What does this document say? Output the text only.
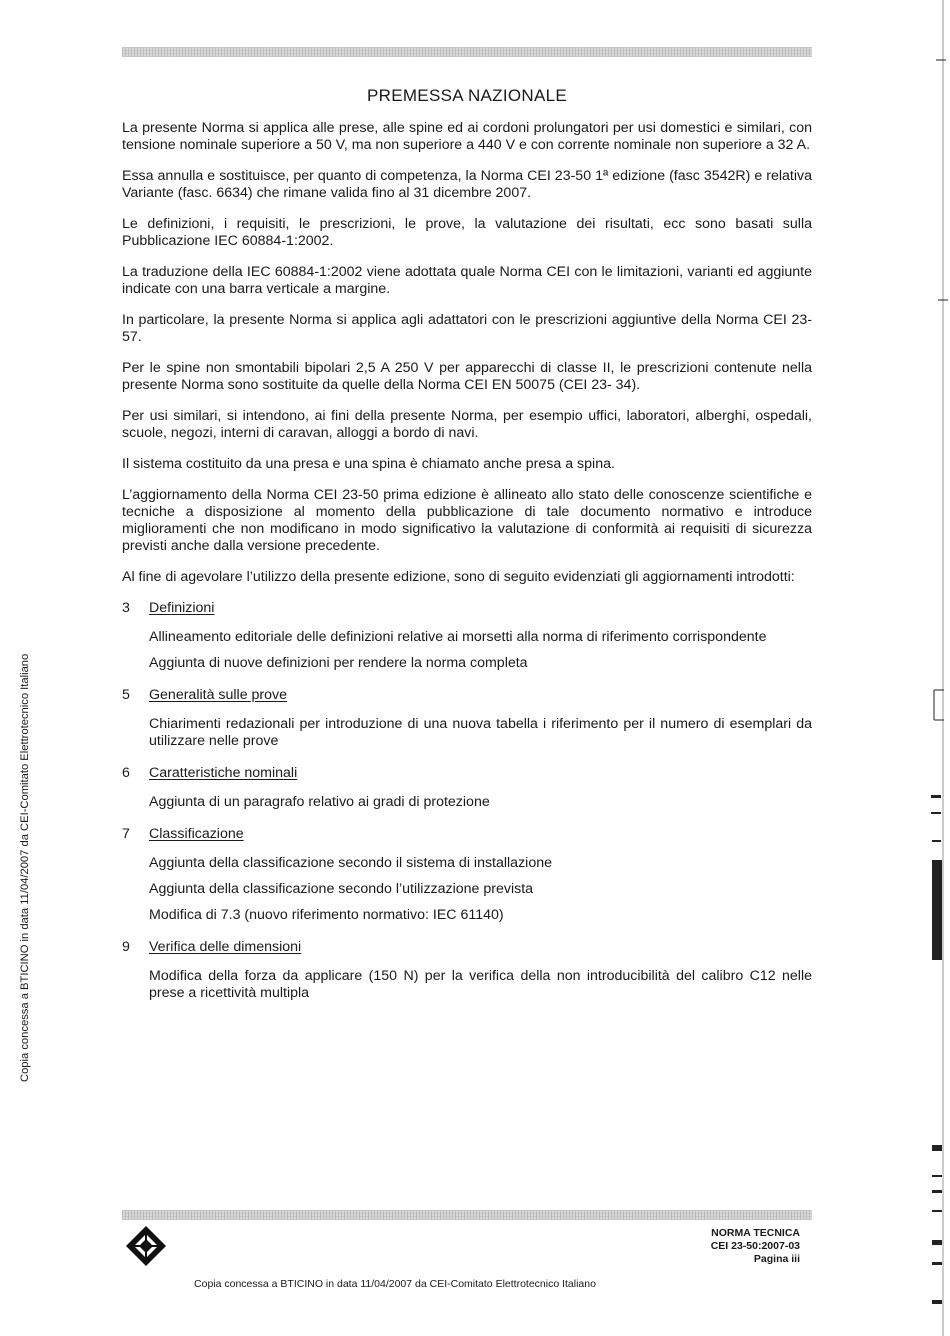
PREMESSA NAZIONALE

La presente Norma si applica alle prese, alle spine ed ai cordoni prolungatori per usi domestici e similari, con tensione nominale superiore a 50 V, ma non superiore a 440 V e con corrente nominale non superiore a 32 A.

Essa annulla e sostituisce, per quanto di competenza, la Norma CEI 23-50 1ª edizione (fasc 3542R) e relativa Variante (fasc. 6634) che rimane valida fino al 31 dicembre 2007.

Le definizioni, i requisiti, le prescrizioni, le prove, la valutazione dei risultati, ecc sono basati sulla Pubblicazione IEC 60884-1:2002.

La traduzione della IEC 60884-1:2002 viene adottata quale Norma CEI con le limitazioni, varianti ed aggiunte indicate con una barra verticale a margine.

In particolare, la presente Norma si applica agli adattatori con le prescrizioni aggiuntive della Norma CEI 23-57.

Per le spine non smontabili bipolari 2,5 A 250 V per apparecchi di classe II, le prescrizioni contenute nella presente Norma sono sostituite da quelle della Norma CEI EN 50075 (CEI 23- 34).

Per usi similari, si intendono, ai fini della presente Norma, per esempio uffici, laboratori, alberghi, ospedali, scuole, negozi, interni di caravan, alloggi a bordo di navi.

Il sistema costituito da una presa e una spina è chiamato anche presa a spina.

L’aggiornamento della Norma CEI 23-50 prima edizione è allineato allo stato delle conoscenze scientifiche e tecniche a disposizione al momento della pubblicazione di tale documento normativo e introduce miglioramenti che non modificano in modo significativo la valutazione di conformità ai requisiti di sicurezza previsti anche dalla versione precedente.

Al fine di agevolare l’utilizzo della presente edizione, sono di seguito evidenziati gli aggiornamenti introdotti:

3 Definizioni
Allineamento editoriale delle definizioni relative ai morsetti alla norma di riferimento corrispondente
Aggiunta di nuove definizioni per rendere la norma completa
5 Generalità sulle prove
Chiarimenti redazionali per introduzione di una nuova tabella i riferimento per il numero di esemplari da utilizzare nelle prove
6 Caratteristiche nominali
Aggiunta di un paragrafo relativo ai gradi di protezione
7 Classificazione
Aggiunta della classificazione secondo il sistema di installazione
Aggiunta della classificazione secondo l’utilizzazione prevista
Modifica di 7.3 (nuovo riferimento normativo: IEC 61140)
9 Verifica delle dimensioni
Modifica della forza da applicare (150 N) per la verifica della non introducibilità del calibro C12 nelle prese a ricettività multipla
Copia concessa a BTICINO in data 11/04/2007 da CEI-Comitato Elettrotecnico Italiano
NORMA TECNICA
CEI 23-50:2007-03
Pagina iii
Copia concessa a BTICINO in data 11/04/2007 da CEI-Comitato Elettrotecnico Italiano
